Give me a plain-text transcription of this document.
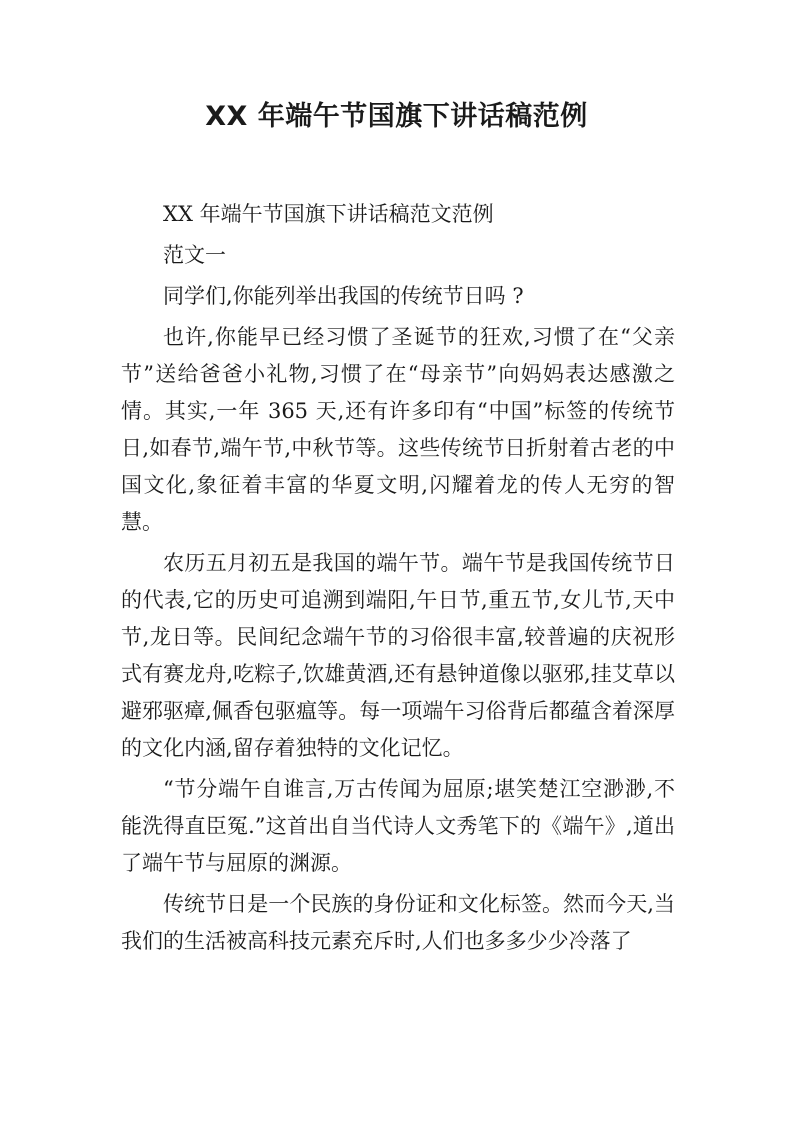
XX 年端午节国旗下讲话稿范例

XX 年端午节国旗下讲话稿范文范例

范文一

同学们,你能列举出我国的传统节日吗 ?

也许,你能早已经习惯了圣诞节的狂欢,习惯了在“父亲节”送给爸爸小礼物,习惯了在“母亲节”向妈妈表达感激之情。其实,一年 365 天,还有许多印有“中国”标签的传统节日,如春节,端午节,中秋节等。这些传统节日折射着古老的中国文化,象征着丰富的华夏文明,闪耀着龙的传人无穷的智慧。

农历五月初五是我国的端午节。端午节是我国传统节日的代表,它的历史可追溯到端阳,午日节,重五节,女儿节,天中节,龙日等。民间纪念端午节的习俗很丰富,较普遍的庆祝形式有赛龙舟,吃粽子,饮雄黄酒,还有悬钟道像以驱邪,挂艾草以避邪驱瘴,佩香包驱瘟等。每一项端午习俗背后都蕴含着深厚的文化内涵,留存着独特的文化记忆。

“节分端午自谁言,万古传闻为屈原;堪笑楚江空渺渺,不能洗得直臣冤.”这首出自当代诗人文秀笔下的《端午》,道出了端午节与屈原的渊源。

传统节日是一个民族的身份证和文化标签。然而今天,当我们的生活被高科技元素充斥时,人们也多多少少冷落了
